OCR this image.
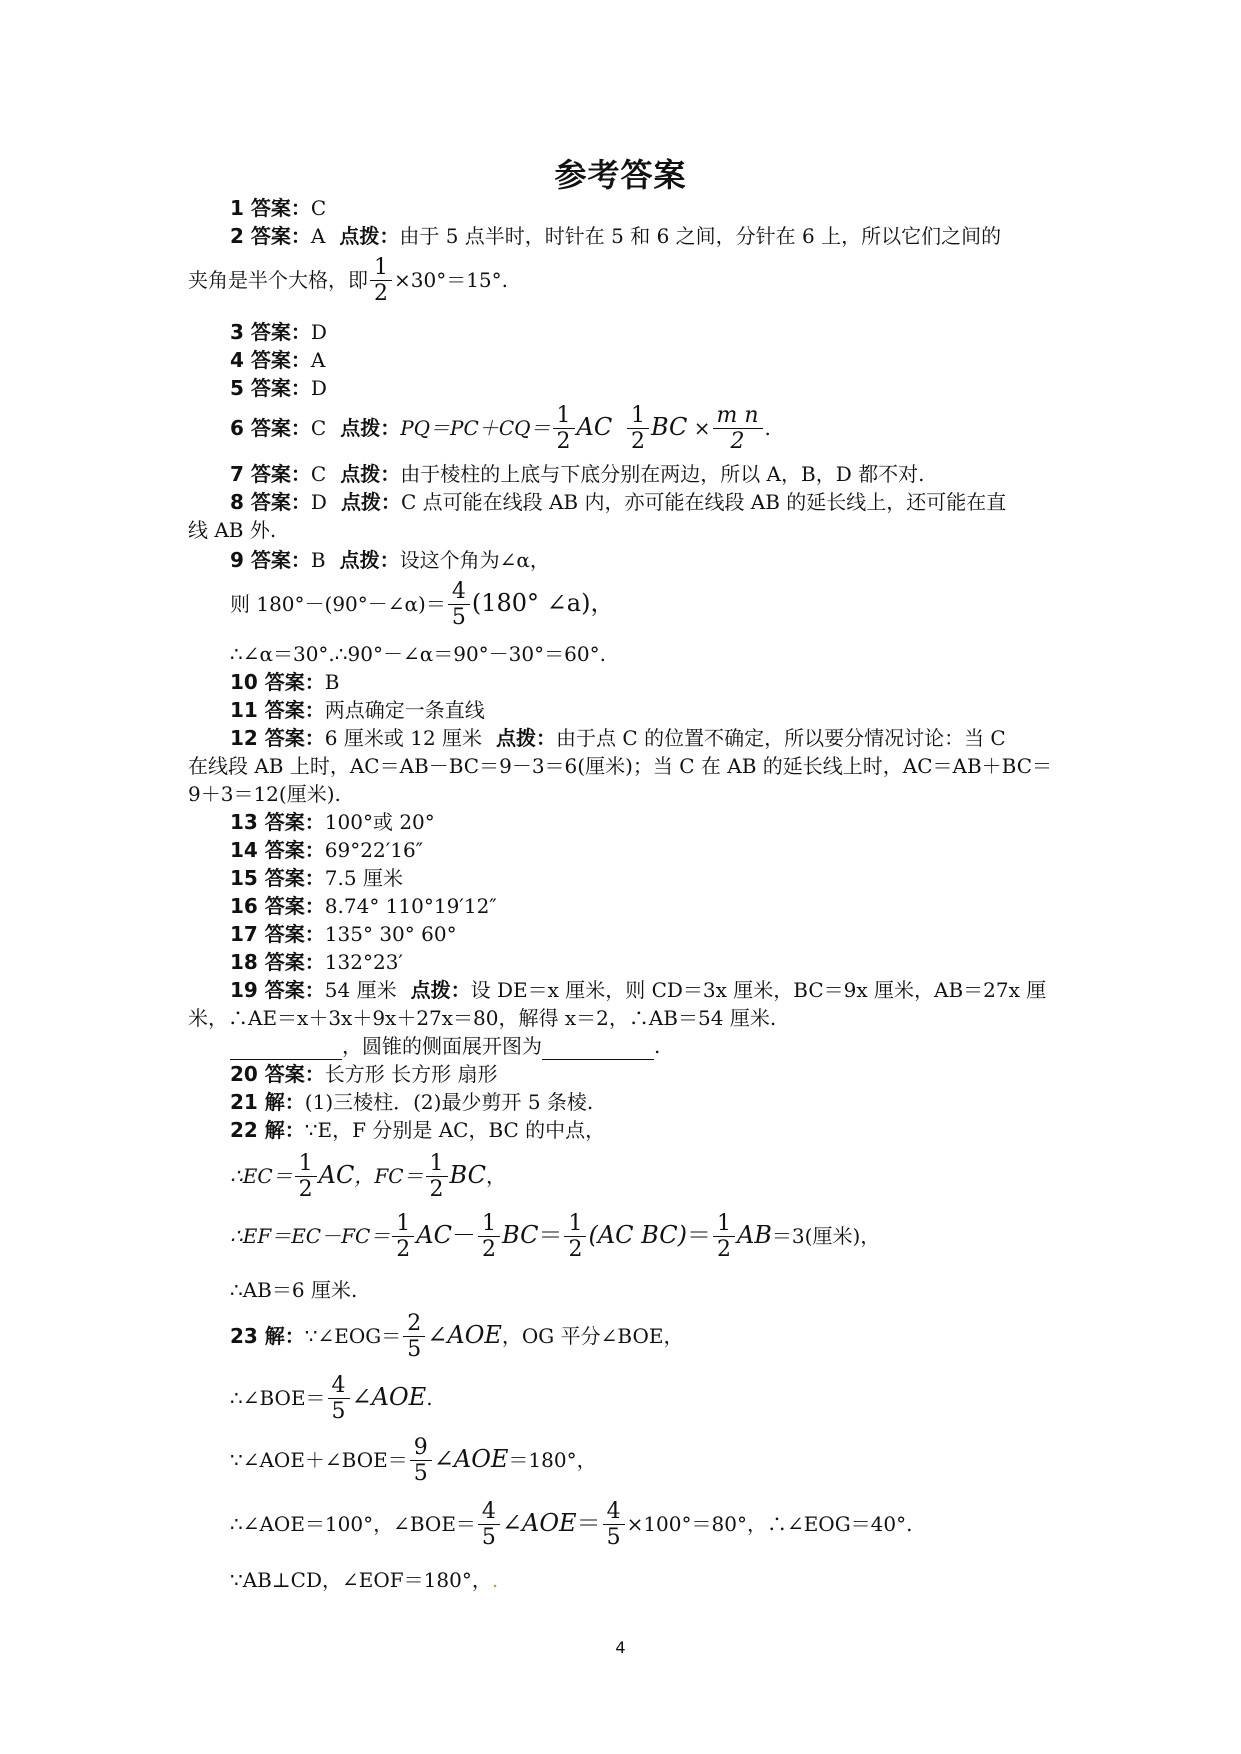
参考答案
1 答案：C
2 答案：A 点拨：由于 5 点半时，时针在 5 和 6 之间，分针在 6 上，所以它们之间的
夹角是半个大格，即 $\frac{1}{2} \times 30^\circ=15^\circ$.
3 答案：D
4 答案：A
5 答案：D
6 答案：C 点拨：$PQ=PC+CQ= \frac{1}{2}$ AC $\frac{1}{2}$ BC × $\frac{\text{m n}}{2}$ .
7 答案：C 点拨：由于棱柱的上底与下底分别在两边，所以 A，B，D 都不对.
8 答案：D 点拨：C 点可能在线段 AB 内，亦可能在线段 AB 的延长线上，还可能在直
线 AB 外.
9 答案：B 点拨：设这个角为∠α，
则 180°－(90°－∠α)＝ $\frac{4}{5} (180^\circ$ ∠a)，
∴∠α＝30°.∴90°－∠α＝90°－30°＝60°.
10 答案：B
11 答案：两点确定一条直线
12 答案：6 厘米或 12 厘米 点拨：由于点 C 的位置不确定，所以要分情况讨论：当 C
在线段 AB 上时，AC＝AB－BC＝9－3＝6(厘米)；当 C 在 AB 的延长线上时，AC＝AB＋BC＝
9＋3＝12(厘米).
13 答案：100°或 20°
14 答案：69°22′16″
15 答案：7.5 厘米
16 答案：8.74° 110°19′12″
17 答案：135° 30° 60°
18 答案：132°23′
19 答案：54 厘米 点拨：设 DE＝x 厘米，则 CD＝3x 厘米，BC＝9x 厘米，AB＝27x 厘
米，∴AE＝x＋3x＋9x＋27x＝80，解得 x＝2，∴AB＝54 厘米.
，圆锥的侧面展开图为	.
20 答案：长方形 长方形 扇形
21 解：(1)三棱柱．(2)最少剪开 5 条棱.
22 解：∵E，F 分别是 AC，BC 的中点，
∴EC＝ $\frac{1}{2}$ AC，$FC= \frac{1}{2}$ BC，
∴EF＝EC－FC＝ $\frac{1}{2} AC- \frac{1}{2} BC= \frac{1}{2} (AC$ $BC)= \frac{1}{2} AB=3$(厘米)，
∴AB＝6 厘米.
23 解：∵∠EOG＝ $\frac{2}{5}$ ∠AOE，OG 平分∠BOE，
∴∠BOE＝ $\frac{4}{5}$ ∠AOE.
∵∠AOE＋∠BOE＝ $\frac{9}{5}$ ∠AOE＝180°，
∴∠AOE＝100°，∠BOE＝ $\frac{4}{5}$ ∠AOE＝ $\frac{4}{5} \times 100^\circ=80^\circ$，∴∠EOG＝40°.
∵AB⊥CD，∠EOF＝180°，.
4
